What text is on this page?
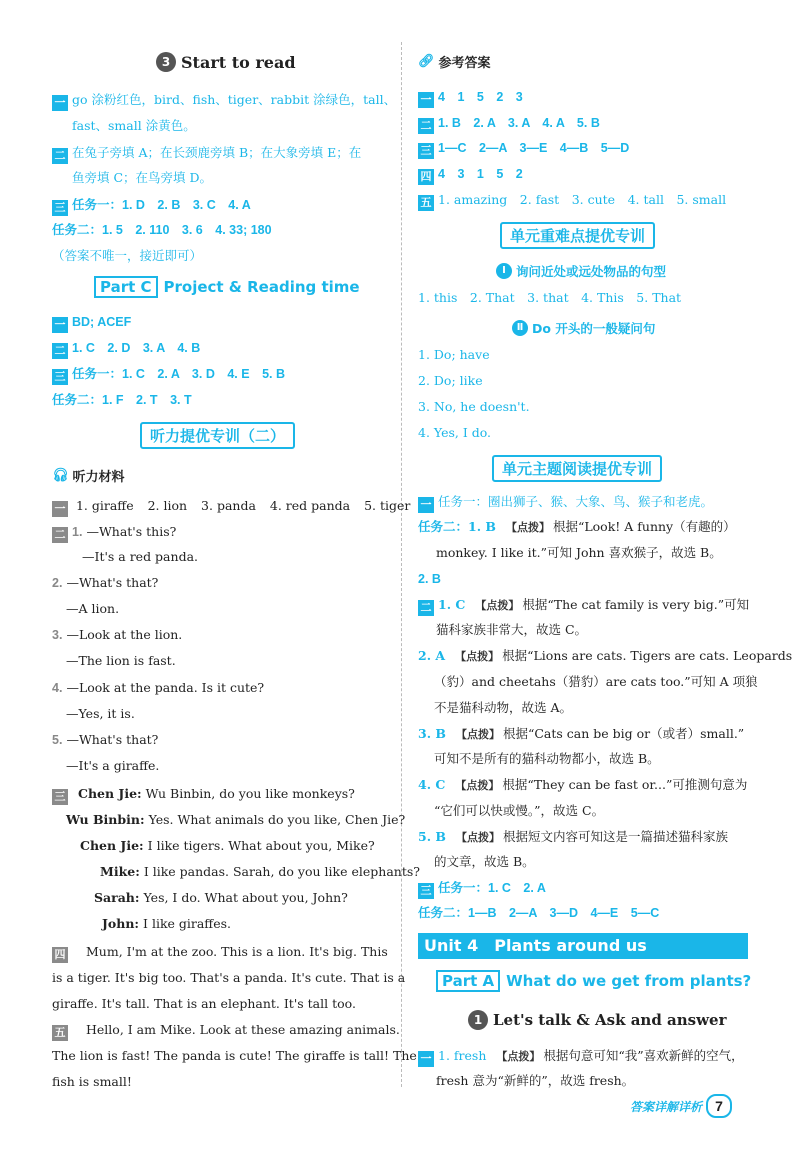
3 Start to read
一 go 涂粉红色，bird、fish、tiger、rabbit 涂绿色，tall、
fast、small 涂黄色。
二 在兔子旁填 A；在长颈鹿旁填 B；在大象旁填 E；在
鱼旁填 C；在鸟旁填 D。
三 任务一：1. D　2. B　3. C　4. A
任务二：1. 5　2. 110　3. 6　4. 33; 180
（答案不唯一，接近即可）
Part C Project & Reading time
一 BD; ACEF
二 1. C　2. D　3. A　4. B
三 任务一：1. C　2. A　3. D　4. E　5. B
任务二：1. F　2. T　3. T
听力提优专训（二）
🎧︎ 听力材料
一 1. giraffe 2. lion 3. panda 4. red panda 5. tiger
二 1. —What's this?
—It's a red panda.
2. —What's that?
—A lion.
3. —Look at the lion.
—The lion is fast.
4. —Look at the panda. Is it cute?
—Yes, it is.
5. —What's that?
—It's a giraffe.
三 Chen Jie: Wu Binbin, do you like monkeys?
Wu Binbin: Yes. What animals do you like, Chen Jie?
Chen Jie: I like tigers. What about you, Mike?
Mike: I like pandas. Sarah, do you like elephants?
Sarah: Yes, I do. What about you, John?
John: I like giraffes.
四 Mum, I'm at the zoo. This is a lion. It's big. This
is a tiger. It's big too. That's a panda. It's cute. That is a
giraffe. It's tall. That is an elephant. It's tall too.
五 Hello, I am Mike. Look at these amazing animals.
The lion is fast! The panda is cute! The giraffe is tall! The
fish is small!
🔗︎ 参考答案
一 4　1　5　2　3
二 1. B　2. A　3. A　4. A　5. B
三 1—C　2—A　3—E　4—B　5—D
四 4　3　1　5　2
五 1. amazing　2. fast　3. cute　4. tall　5. small
单元重难点提优专训
Ⅰ 询问近处或远处物品的句型
1. this　2. That　3. that　4. This　5. That
Ⅱ Do 开头的一般疑问句
1. Do; have
2. Do; like
3. No, he doesn't.
4. Yes, I do.
单元主题阅读提优专训
一 任务一：圈出狮子、猴、大象、鸟、猴子和老虎。
任务二：1. B 【点拨】 根据“Look! A funny（有趣的）
monkey. I like it.”可知 John 喜欢猴子，故选 B。
2. B
二 1. C 【点拨】 根据“The cat family is very big.”可知
猫科家族非常大，故选 C。
2. A 【点拨】 根据“Lions are cats. Tigers are cats. Leopards
（豹）and cheetahs（猎豹）are cats too.”可知 A 项狼
不是猫科动物，故选 A。
3. B 【点拨】 根据“Cats can be big or（或者）small.”
可知不是所有的猫科动物都小，故选 B。
4. C 【点拨】 根据“They can be fast or...”可推测句意为
“它们可以快或慢。”，故选 C。
5. B 【点拨】 根据短文内容可知这是一篇描述猫科家族
的文章，故选 B。
三 任务一：1. C　2. A
任务二：1—B　2—A　3—D　4—E　5—C
Unit 4　Plants around us
Part A What do we get from plants?
1 Let's talk & Ask and answer
一 1. fresh 【点拨】 根据句意可知“我”喜欢新鲜的空气，
fresh 意为“新鲜的”，故选 fresh。
答案详解详析 7
